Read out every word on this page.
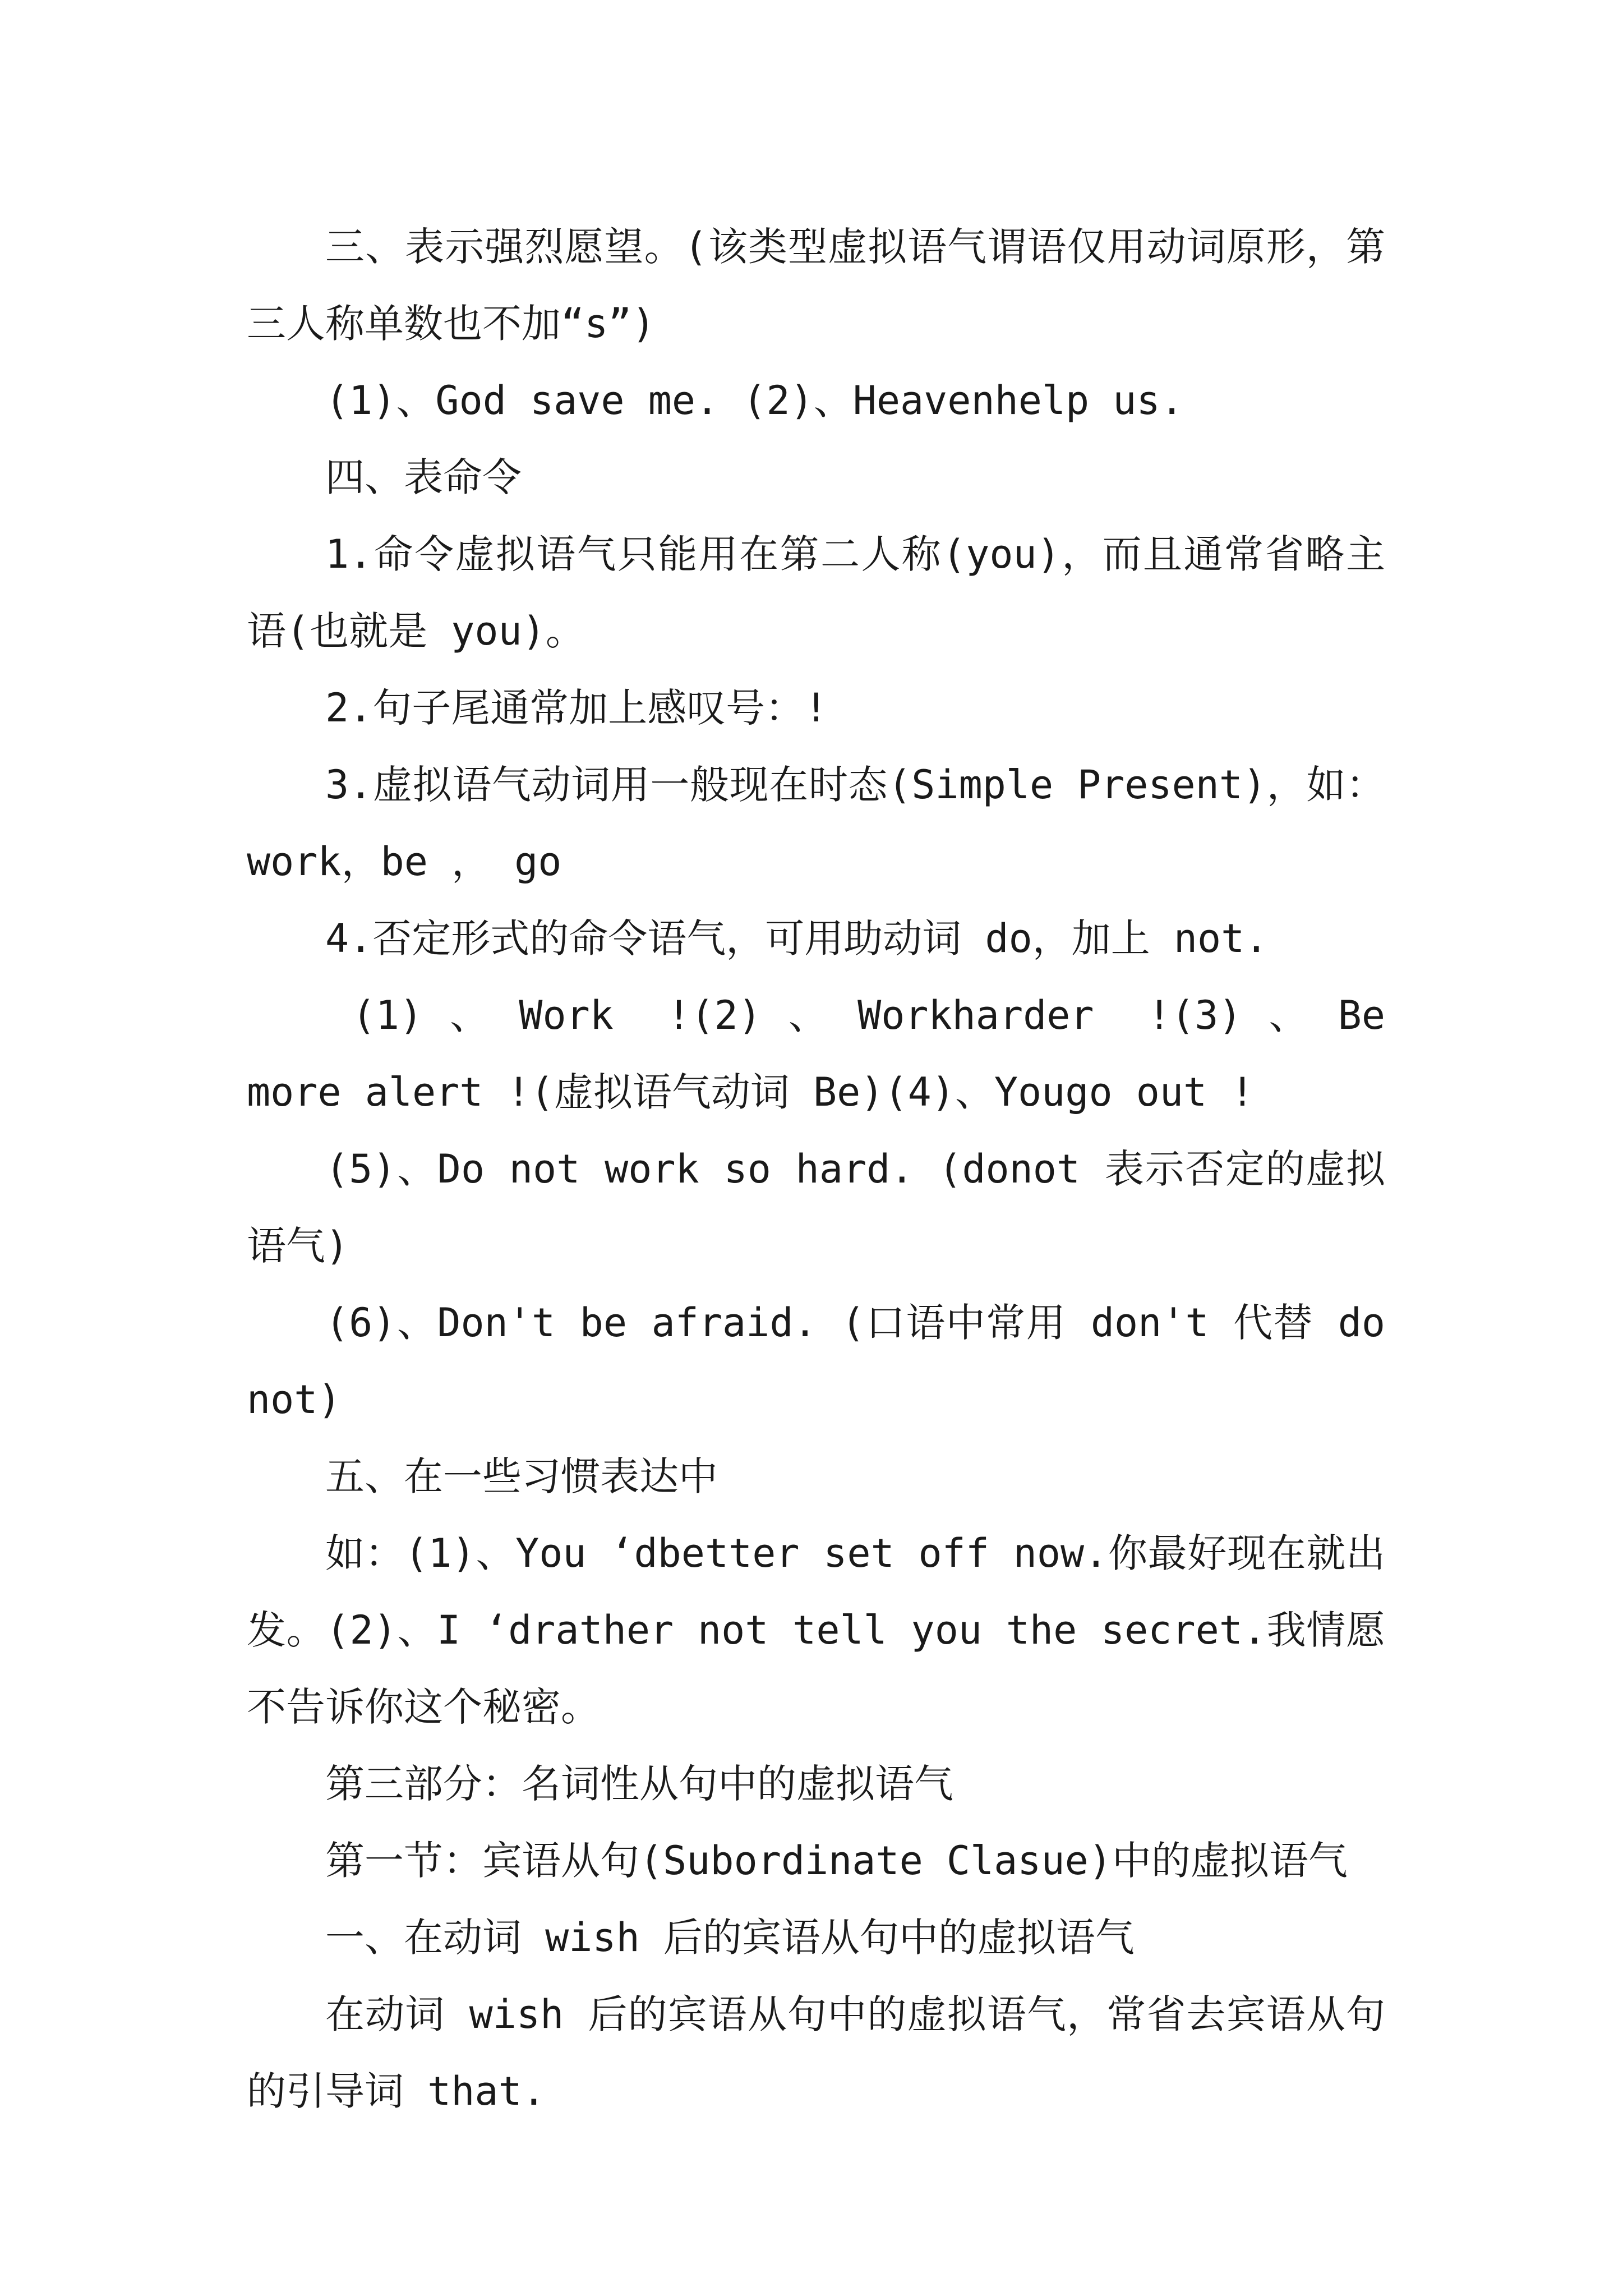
三、表示强烈愿望。(该类型虚拟语气谓语仅用动词原形，第三人称单数也不加“s”)

(1)、God save me. (2)、Heavenhelp us.

四、表命令

1.命令虚拟语气只能用在第二人称(you)，而且通常省略主语(也就是 you)。

2.句子尾通常加上感叹号：!

3.虚拟语气动词用一般现在时态(Simple Present)，如：work，be ， go

4.否定形式的命令语气，可用助动词 do，加上 not.

(1) 、 Work  !(2) 、 Workharder  !(3) 、 Be  more alert !(虚拟语气动词 Be)(4)、Yougo out !

(5)、Do not work so hard. (donot 表示否定的虚拟语气)

(6)、Don't be afraid. (口语中常用 don't 代替 do not)

五、在一些习惯表达中

如：(1)、You ‘dbetter set off now.你最好现在就出发。(2)、I ‘drather not tell you the secret.我情愿不告诉你这个秘密。

第三部分：名词性从句中的虚拟语气

第一节：宾语从句(Subordinate Clasue)中的虚拟语气

一、在动词 wish 后的宾语从句中的虚拟语气

在动词 wish 后的宾语从句中的虚拟语气，常省去宾语从句的引导词 that.
